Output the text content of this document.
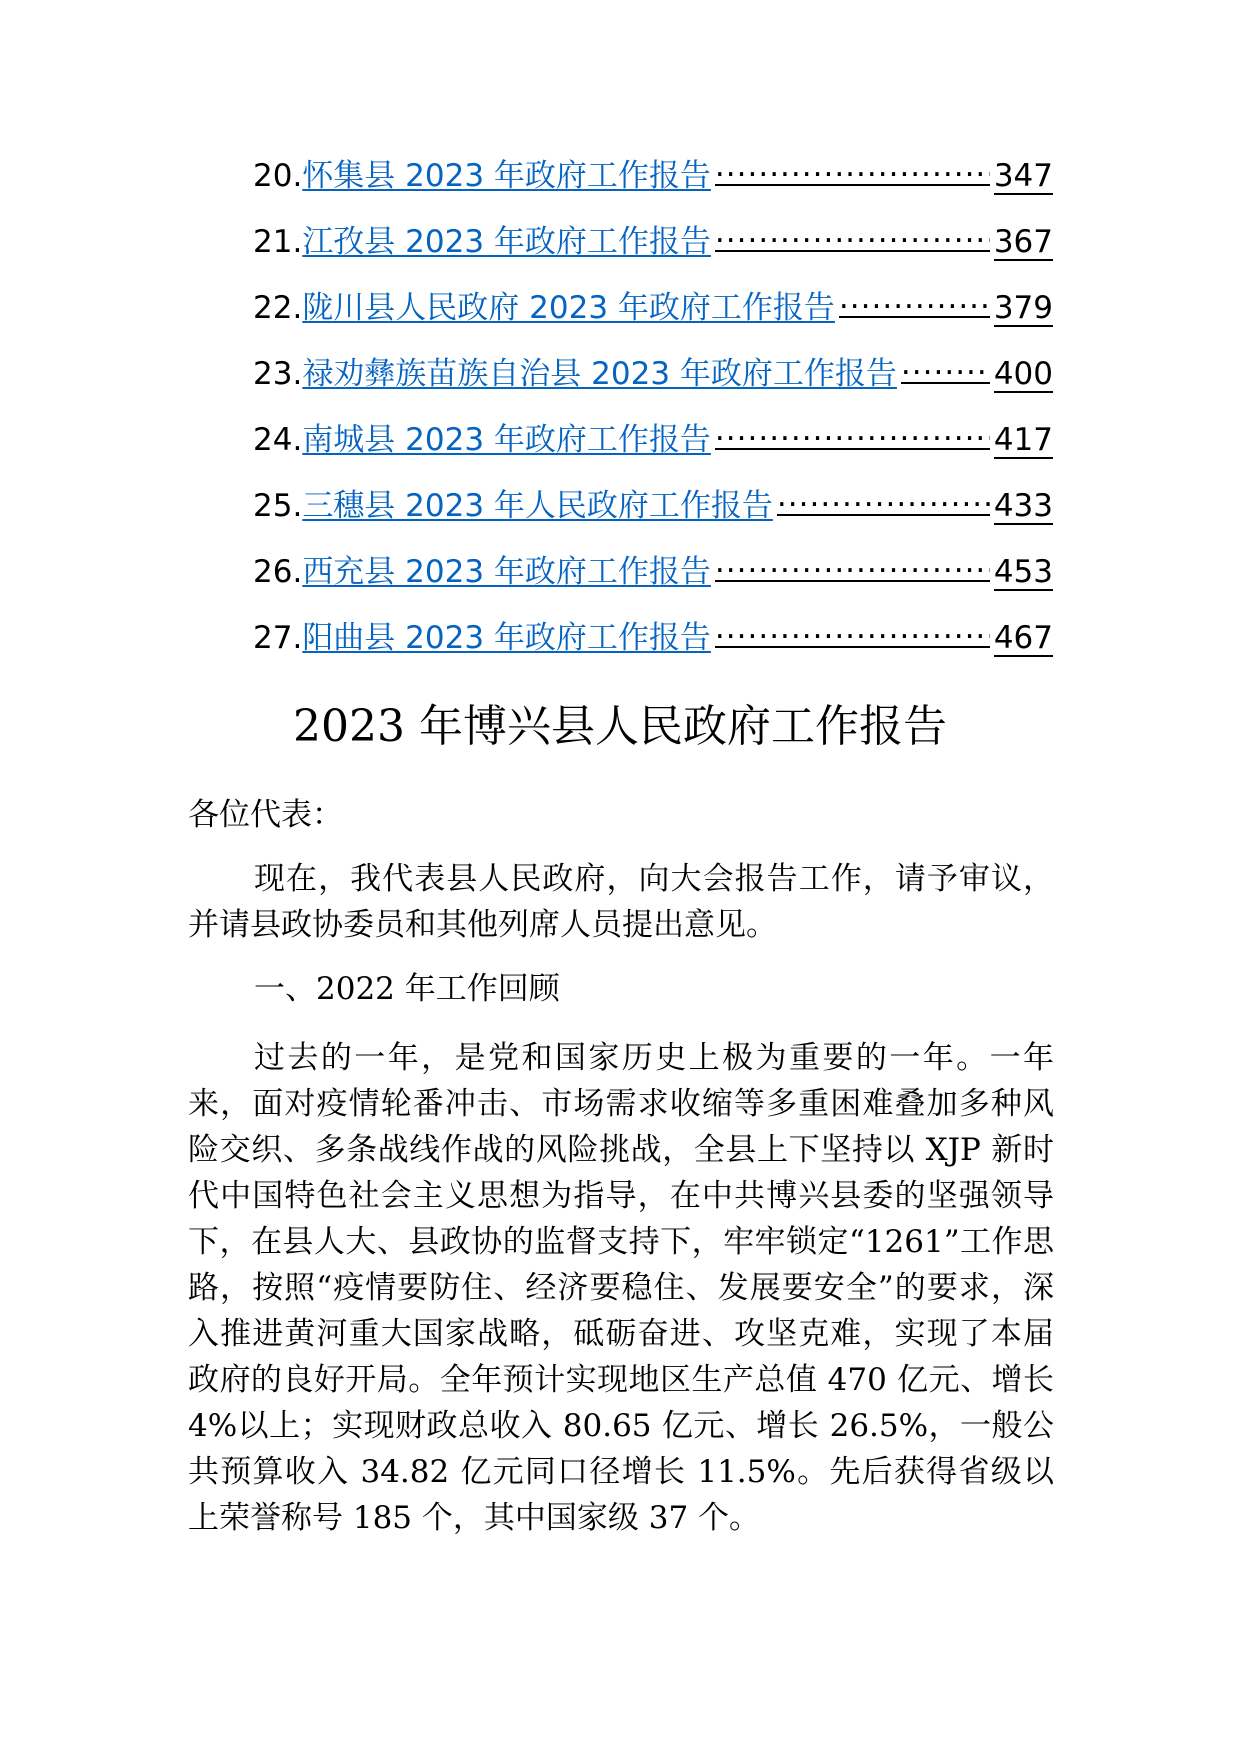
20. 怀集县 2023 年政府工作报告 .....	347
21. 江孜县 2023 年政府工作报告 .....	367
22. 陇川县人民政府 2023 年政府工作报告 .....	379
23. 禄劝彝族苗族自治县 2023 年政府工作报告 .....	400
24. 南城县 2023 年政府工作报告 .....	417
25. 三穗县 2023 年人民政府工作报告 .....	433
26. 西充县 2023 年政府工作报告 .....	453
27. 阳曲县 2023 年政府工作报告 .....	467
2023 年博兴县人民政府工作报告

各位代表：

现在，我代表县人民政府，向大会报告工作，请予审议，并请县政协委员和其他列席人员提出意见。

一、2022 年工作回顾

过去的一年，是党和国家历史上极为重要的一年。一年来，面对疫情轮番冲击、市场需求收缩等多重困难叠加多种风险交织、多条战线作战的风险挑战，全县上下坚持以 XJP 新时代中国特色社会主义思想为指导，在中共博兴县委的坚强领导下，在县人大、县政协的监督支持下，牢牢锁定“1261”工作思路，按照“疫情要防住、经济要稳住、发展要安全”的要求，深入推进黄河重大国家战略，砥砺奋进、攻坚克难，实现了本届政府的良好开局。全年预计实现地区生产总值 470 亿元、增长 4%以上；实现财政总收入 80.65 亿元、增长 26.5%，一般公共预算收入 34.82 亿元同口径增长 11.5%。先后获得省级以上荣誉称号 185 个，其中国家级 37 个。
